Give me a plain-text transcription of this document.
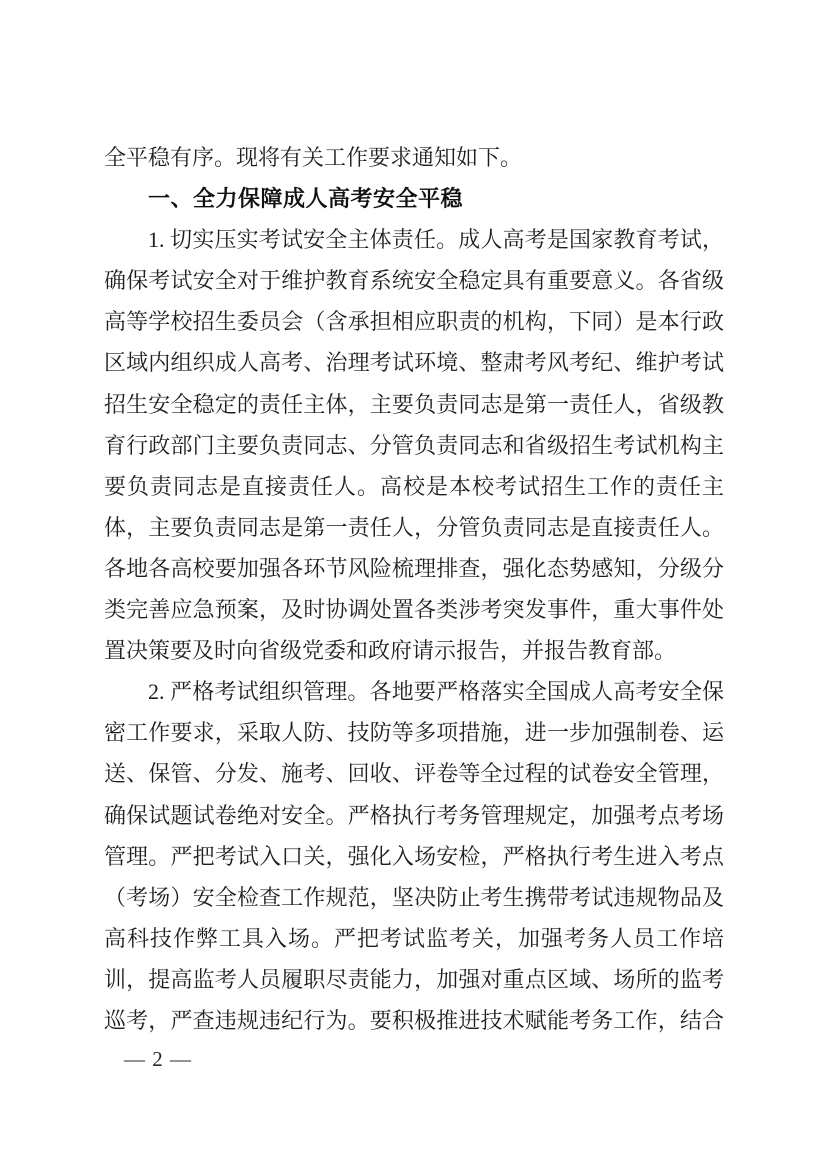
全平稳有序。现将有关工作要求通知如下。
一、全力保障成人高考安全平稳
1. 切实压实考试安全主体责任。成人高考是国家教育考试，
确保考试安全对于维护教育系统安全稳定具有重要意义。各省级
高等学校招生委员会（含承担相应职责的机构，下同）是本行政
区域内组织成人高考、治理考试环境、整肃考风考纪、维护考试
招生安全稳定的责任主体，主要负责同志是第一责任人，省级教
育行政部门主要负责同志、分管负责同志和省级招生考试机构主
要负责同志是直接责任人。高校是本校考试招生工作的责任主
体，主要负责同志是第一责任人，分管负责同志是直接责任人。
各地各高校要加强各环节风险梳理排查，强化态势感知，分级分
类完善应急预案，及时协调处置各类涉考突发事件，重大事件处
置决策要及时向省级党委和政府请示报告，并报告教育部。
2. 严格考试组织管理。各地要严格落实全国成人高考安全保
密工作要求，采取人防、技防等多项措施，进一步加强制卷、运
送、保管、分发、施考、回收、评卷等全过程的试卷安全管理，
确保试题试卷绝对安全。严格执行考务管理规定，加强考点考场
管理。严把考试入口关，强化入场安检，严格执行考生进入考点
（考场）安全检查工作规范，坚决防止考生携带考试违规物品及
高科技作弊工具入场。严把考试监考关，加强考务人员工作培
训，提高监考人员履职尽责能力，加强对重点区域、场所的监考
巡考，严查违规违纪行为。要积极推进技术赋能考务工作，结合
— 2 —
